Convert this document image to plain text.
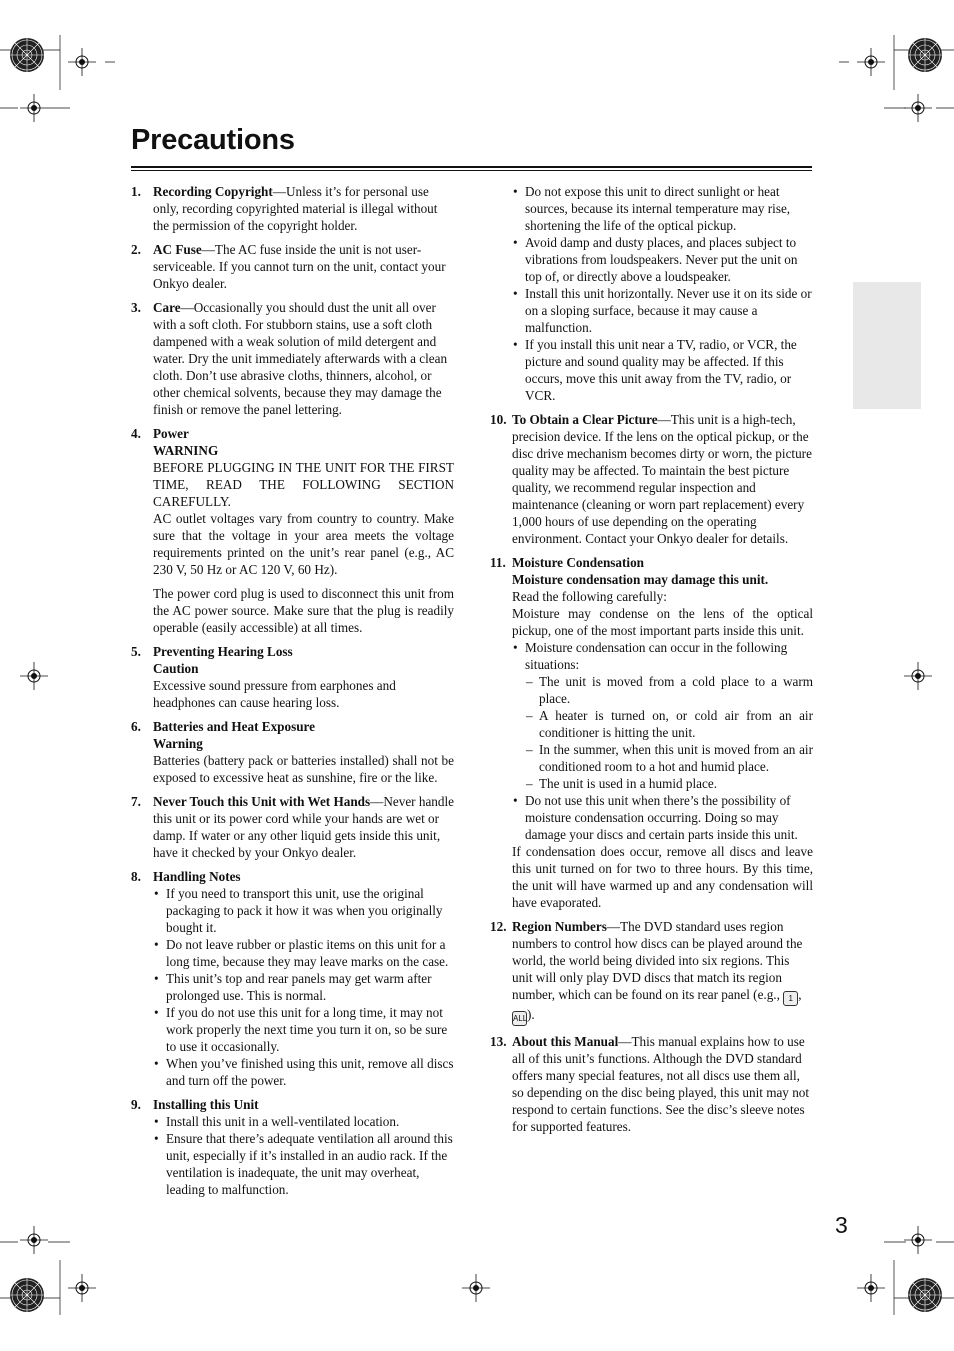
Precautions
1. Recording Copyright—Unless it’s for personal use only, recording copyrighted material is illegal without the permission of the copyright holder.

2. AC Fuse—The AC fuse inside the unit is not user-serviceable. If you cannot turn on the unit, contact your Onkyo dealer.

3. Care—Occasionally you should dust the unit all over with a soft cloth. For stubborn stains, use a soft cloth dampened with a weak solution of mild detergent and water. Dry the unit immediately afterwards with a clean cloth. Don’t use abrasive cloths, thinners, alcohol, or other chemical solvents, because they may damage the finish or remove the panel lettering.

4. Power

WARNING

BEFORE PLUGGING IN THE UNIT FOR THE FIRST TIME, READ THE FOLLOWING SECTION CAREFULLY.

AC outlet voltages vary from country to country. Make sure that the voltage in your area meets the voltage requirements printed on the unit’s rear panel (e.g., AC 230 V, 50 Hz or AC 120 V, 60 Hz).

The power cord plug is used to disconnect this unit from the AC power source. Make sure that the plug is readily operable (easily accessible) at all times.

5. Preventing Hearing Loss

Caution

Excessive sound pressure from earphones and headphones can cause hearing loss.

6. Batteries and Heat Exposure

Warning

Batteries (battery pack or batteries installed) shall not be exposed to excessive heat as sunshine, fire or the like.

7. Never Touch this Unit with Wet Hands—Never handle this unit or its power cord while your hands are wet or damp. If water or any other liquid gets inside this unit, have it checked by your Onkyo dealer.

8. Handling Notes

• If you need to transport this unit, use the original packaging to pack it how it was when you originally bought it.
• Do not leave rubber or plastic items on this unit for a long time, because they may leave marks on the case.
• This unit’s top and rear panels may get warm after prolonged use. This is normal.
• If you do not use this unit for a long time, it may not work properly the next time you turn it on, so be sure to use it occasionally.
• When you’ve finished using this unit, remove all discs and turn off the power.
9. Installing this Unit

• Install this unit in a well-ventilated location.
• Ensure that there’s adequate ventilation all around this unit, especially if it’s installed in an audio rack. If the ventilation is inadequate, the unit may overheat, leading to malfunction.
• Do not expose this unit to direct sunlight or heat sources, because its internal temperature may rise, shortening the life of the optical pickup.
• Avoid damp and dusty places, and places subject to vibrations from loudspeakers. Never put the unit on top of, or directly above a loudspeaker.
• Install this unit horizontally. Never use it on its side or on a sloping surface, because it may cause a malfunction.
• If you install this unit near a TV, radio, or VCR, the picture and sound quality may be affected. If this occurs, move this unit away from the TV, radio, or VCR.
10. To Obtain a Clear Picture—This unit is a high-tech, precision device. If the lens on the optical pickup, or the disc drive mechanism becomes dirty or worn, the picture quality may be affected. To maintain the best picture quality, we recommend regular inspection and maintenance (cleaning or worn part replacement) every 1,000 hours of use depending on the operating environment. Contact your Onkyo dealer for details.

11. Moisture Condensation

Moisture condensation may damage this unit.

Read the following carefully:

Moisture may condense on the lens of the optical pickup, one of the most important parts inside this unit.

• Moisture condensation can occur in the following situations:
– The unit is moved from a cold place to a warm place.
– A heater is turned on, or cold air from an air conditioner is hitting the unit.
– In the summer, when this unit is moved from an air conditioned room to a hot and humid place.
– The unit is used in a humid place.
• Do not use this unit when there’s the possibility of moisture condensation occurring. Doing so may damage your discs and certain parts inside this unit.

If condensation does occur, remove all discs and leave this unit turned on for two to three hours. By this time, the unit will have warmed up and any condensation will have evaporated.

12. Region Numbers—The DVD standard uses region numbers to control how discs can be played around the world, the world being divided into six regions. This unit will only play DVD discs that match its region number, which can be found on its rear panel (e.g., 1 , ALL).

13. About this Manual—This manual explains how to use all of this unit’s functions. Although the DVD standard offers many special features, not all discs use them all, so depending on the disc being played, this unit may not respond to certain functions. See the disc’s sleeve notes for supported features.

3
